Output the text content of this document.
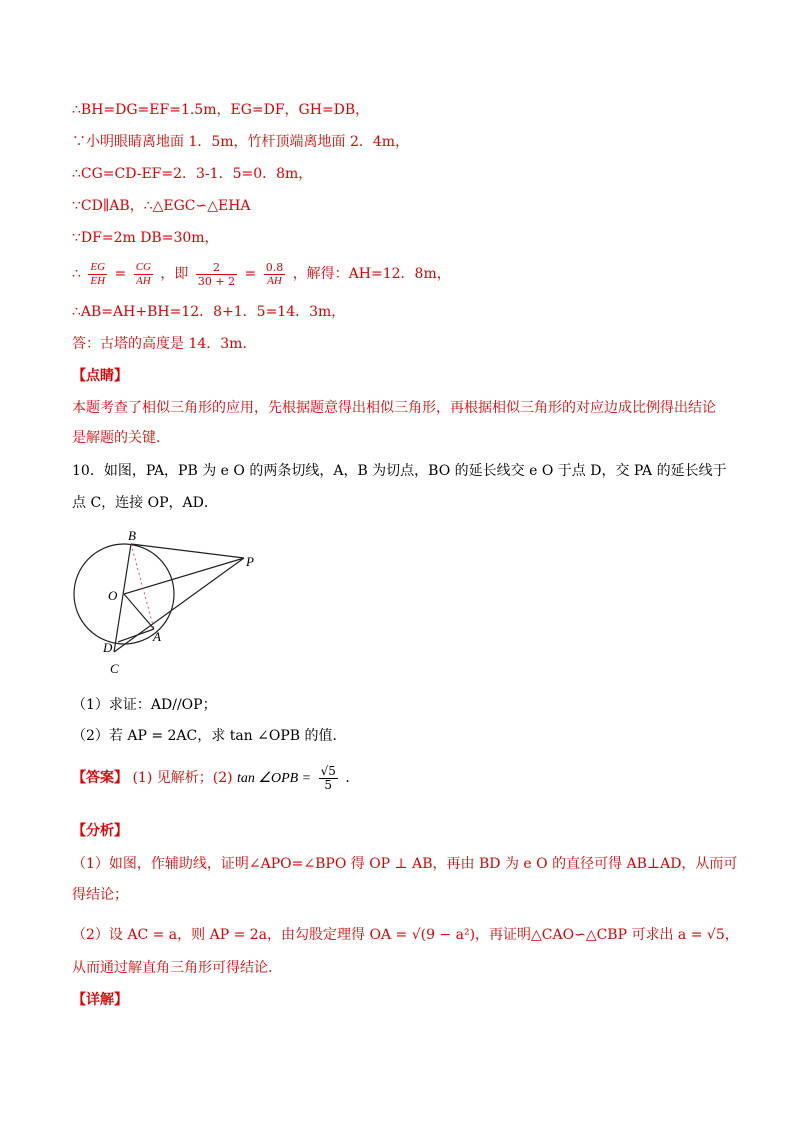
∴BH=DG=EF=1.5m，EG=DF，GH=DB，
∵小明眼睛离地面 1．5m，竹杆顶端离地面 2．4m，
∴CG=CD-EF=2．3-1．5=0．8m，
∵CD∥AB，∴△EGC∽△EHA
∵DF=2m DB=30m，
∴ $\frac{EG}{EH} = \frac{CG}{AH}$ ，即 $\frac{2}{30 + 2} = \frac{0.8}{AH}$ ，解得：AH=12．8m，
∴AB=AH+BH=12．8+1．5=14．3m，
答：古塔的高度是 14．3m．
【点睛】
本题考查了相似三角形的应用，先根据题意得出相似三角形，再根据相似三角形的对应边成比例得出结论
是解题的关键．
10．如图，PA，PB 为 e O 的两条切线，A，B 为切点，BO 的延长线交 e O 于点 D，交 PA 的延长线于
点 C，连接 OP，AD．
B
P
O
A
D
C
（1）求证：AD//OP；
（2）若 AP = 2AC，求 tan ∠OPB 的值．
【答案】 (1) 见解析；(2) tan ∠OPB = $\frac{√5}{5}$ ．
【分析】
（1）如图，作辅助线，证明∠APO=∠BPO 得 OP ⊥ AB，再由 BD 为 e O 的直径可得 AB⊥AD，从而可
得结论；
（2）设 AC = a，则 AP = 2a，由勾股定理得 OA = √(9 − a²)，再证明△CAO∽△CBP 可求出 a = √5，
从而通过解直角三角形可得结论．
【详解】
